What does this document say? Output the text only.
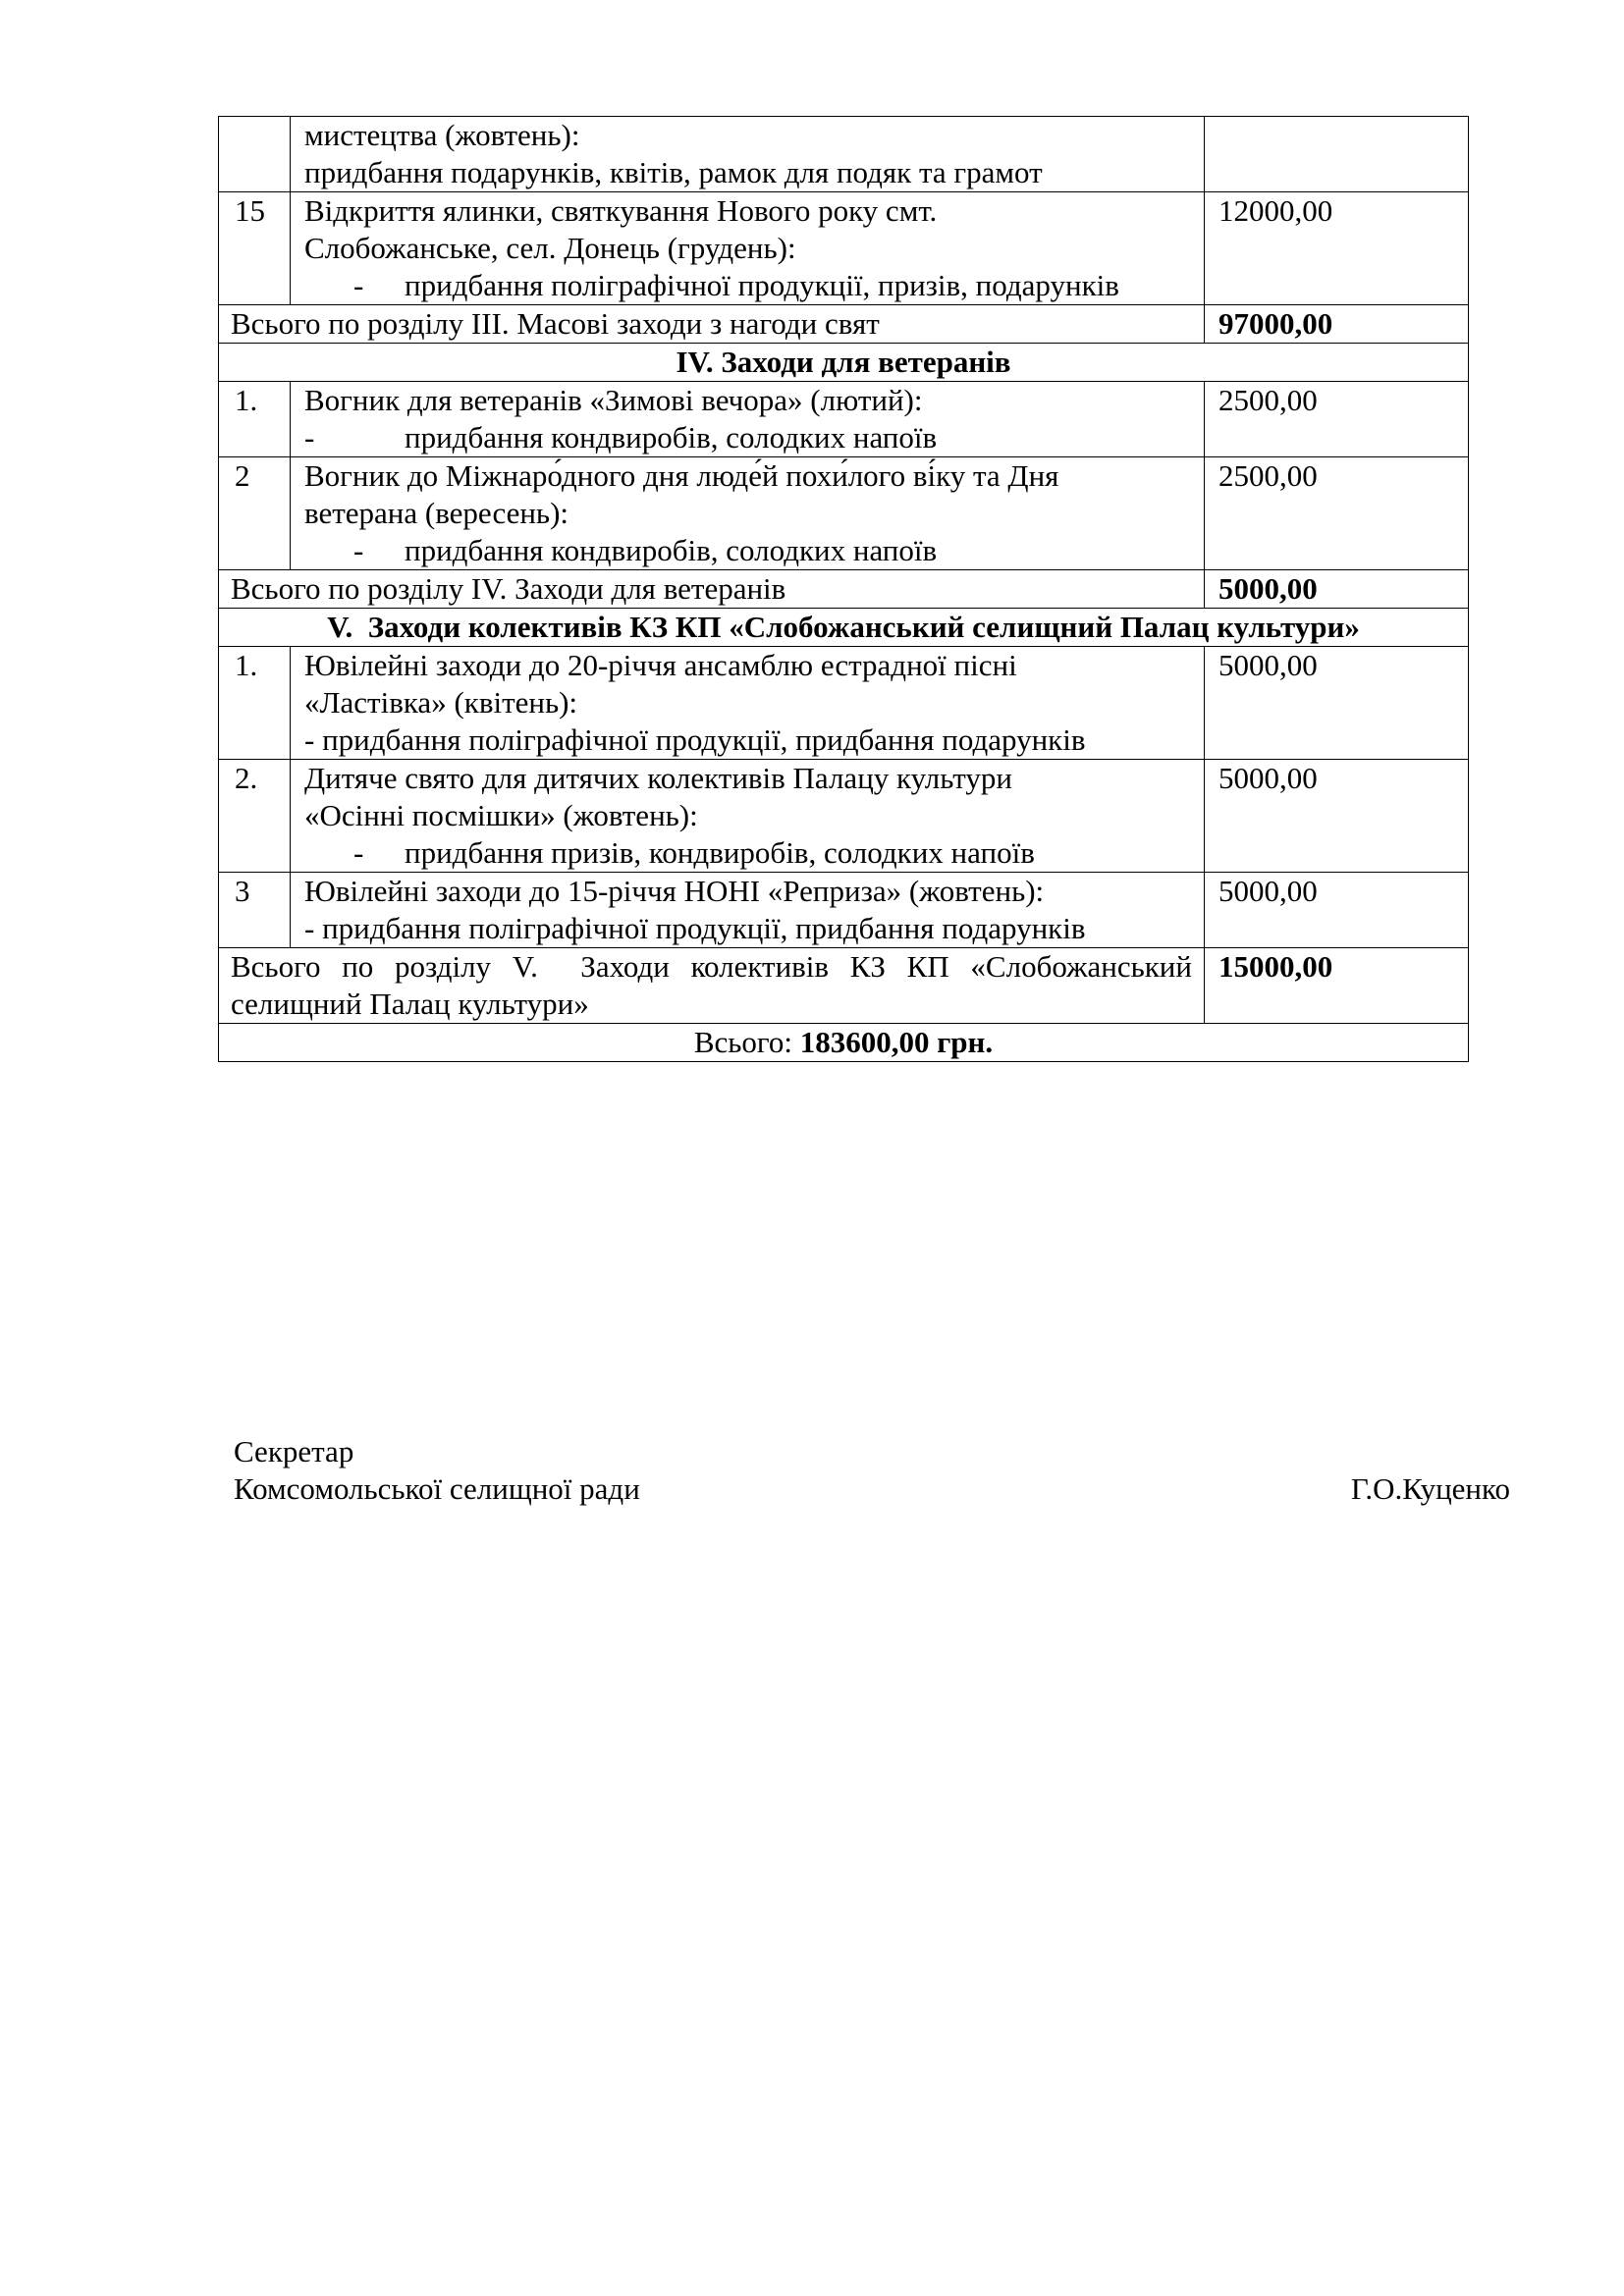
	мистецтва (жовтень):
придбання подарунків, квітів, рамок для подяк та грамот	

15	Відкриття ялинки, святкування Нового року смт.
Слобожанське, сел. Донець (грудень):
- придбання поліграфічної продукції, призів, подарунків	12000,00
Всього по розділу ІІІ. Масові заходи з нагоди свят		97000,00
IV. Заходи для ветеранів		
1.	Вогник для ветеранів «Зимові вечора» (лютий):
- придбання кондвиробів, солодких напоїв	2500,00
2	Вогник до Міжнаро́дного дня люде́й похи́лого ві́ку та Дня
ветерана (вересень):
- придбання кондвиробів, солодких напоїв	2500,00
Всього по розділу IV. Заходи для ветеранів		5000,00
V.  Заходи колективів КЗ КП «Слобожанський селищний Палац культури»		
1.	Ювілейні заходи до 20-річчя ансамблю естрадної пісні
«Ластівка» (квітень):
- придбання поліграфічної продукції, придбання подарунків	5000,00
2.	Дитяче свято для дитячих колективів Палацу культури
«Осінні посмішки» (жовтень):
- придбання призів, кондвиробів, солодких напоїв	5000,00
3	Ювілейні заходи до 15-річчя НОНІ «Реприза» (жовтень):
- придбання поліграфічної продукції, придбання подарунків	5000,00

Всього по розділу V.  Заходи колективів КЗ КП «Слобожанський
селищний Палац культури»		15000,00
Всього: 183600,00 грн.		
Секретар
Комсомольської селищної ради	Г.О.Куценко
